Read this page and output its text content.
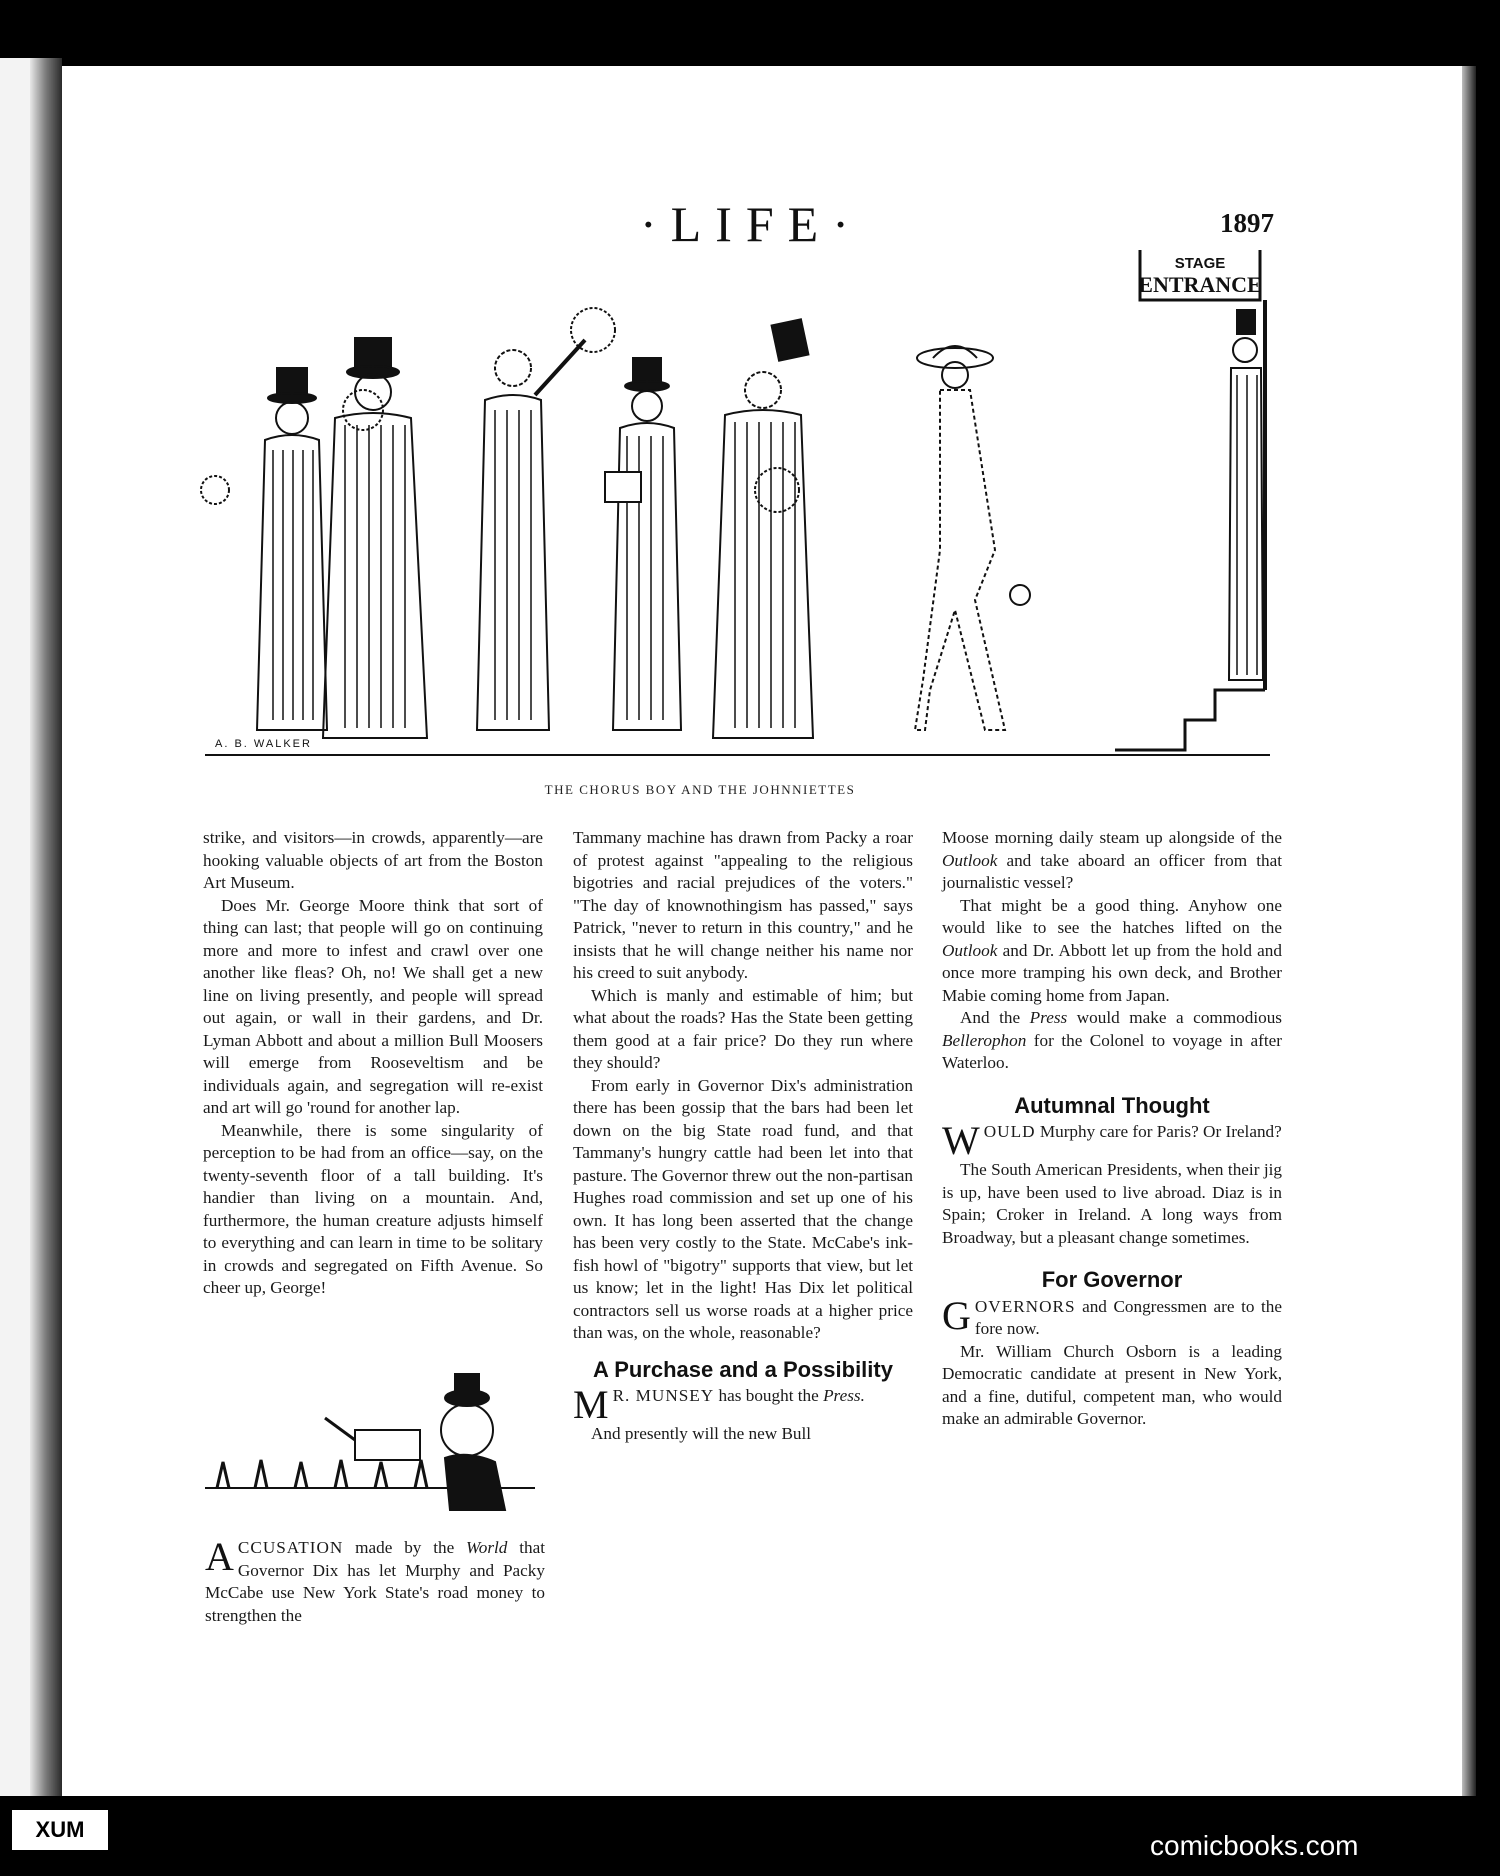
·LIFE·	1897
STAGE
ENTRANCE
A. B. WALKER
THE CHORUS BOY AND THE JOHNNIETTES

strike, and visitors—in crowds, apparently—are hooking valuable objects of art from the Boston Art Museum.

Does Mr. George Moore think that sort of thing can last; that people will go on continuing more and more to infest and crawl over one another like fleas? Oh, no! We shall get a new line on living presently, and people will spread out again, or wall in their gardens, and Dr. Lyman Abbott and about a million Bull Moosers will emerge from Rooseveltism and be individuals again, and segregation will re-exist and art will go 'round for another lap.

Meanwhile, there is some singularity of perception to be had from an office—say, on the twenty-seventh floor of a tall building. It's handier than living on a mountain. And, furthermore, the human creature adjusts himself to everything and can learn in time to be solitary in crowds and segregated on Fifth Avenue. So cheer up, George!

ACCUSATION made by the World that Governor Dix has let Murphy and Packy McCabe use New York State's road money to strengthen the

Tammany machine has drawn from Packy a roar of protest against "appealing to the religious bigotries and racial prejudices of the voters." "The day of knownothingism has passed," says Patrick, "never to return in this country," and he insists that he will change neither his name nor his creed to suit anybody.

Which is manly and estimable of him; but what about the roads? Has the State been getting them good at a fair price? Do they run where they should?

From early in Governor Dix's administration there has been gossip that the bars had been let down on the big State road fund, and that Tammany's hungry cattle had been let into that pasture. The Governor threw out the non-partisan Hughes road commission and set up one of his own. It has long been asserted that the change has been very costly to the State. McCabe's ink-fish howl of "bigotry" supports that view, but let us know; let in the light! Has Dix let political contractors sell us worse roads at a higher price than was, on the whole, reasonable?

A Purchase and a Possibility

M R. MUNSEY has bought the Press.

And presently will the new Bull

Moose morning daily steam up alongside of the Outlook and take aboard an officer from that journalistic vessel?

That might be a good thing. Anyhow one would like to see the hatches lifted on the Outlook and Dr. Abbott let up from the hold and once more tramping his own deck, and Brother Mabie coming home from Japan.

And the Press would make a commodious Bellerophon for the Colonel to voyage in after Waterloo.

Autumnal Thought

WOULD Murphy care for Paris? Or Ireland?

The South American Presidents, when their jig is up, have been used to live abroad. Diaz is in Spain; Croker in Ireland. A long ways from Broadway, but a pleasant change sometimes.

For Governor

GOVERNORS and Congressmen are to the fore now.

Mr. William Church Osborn is a leading Democratic candidate at present in New York, and a fine, dutiful, competent man, who would make an admirable Governor.

XUM
comicbooks.com
